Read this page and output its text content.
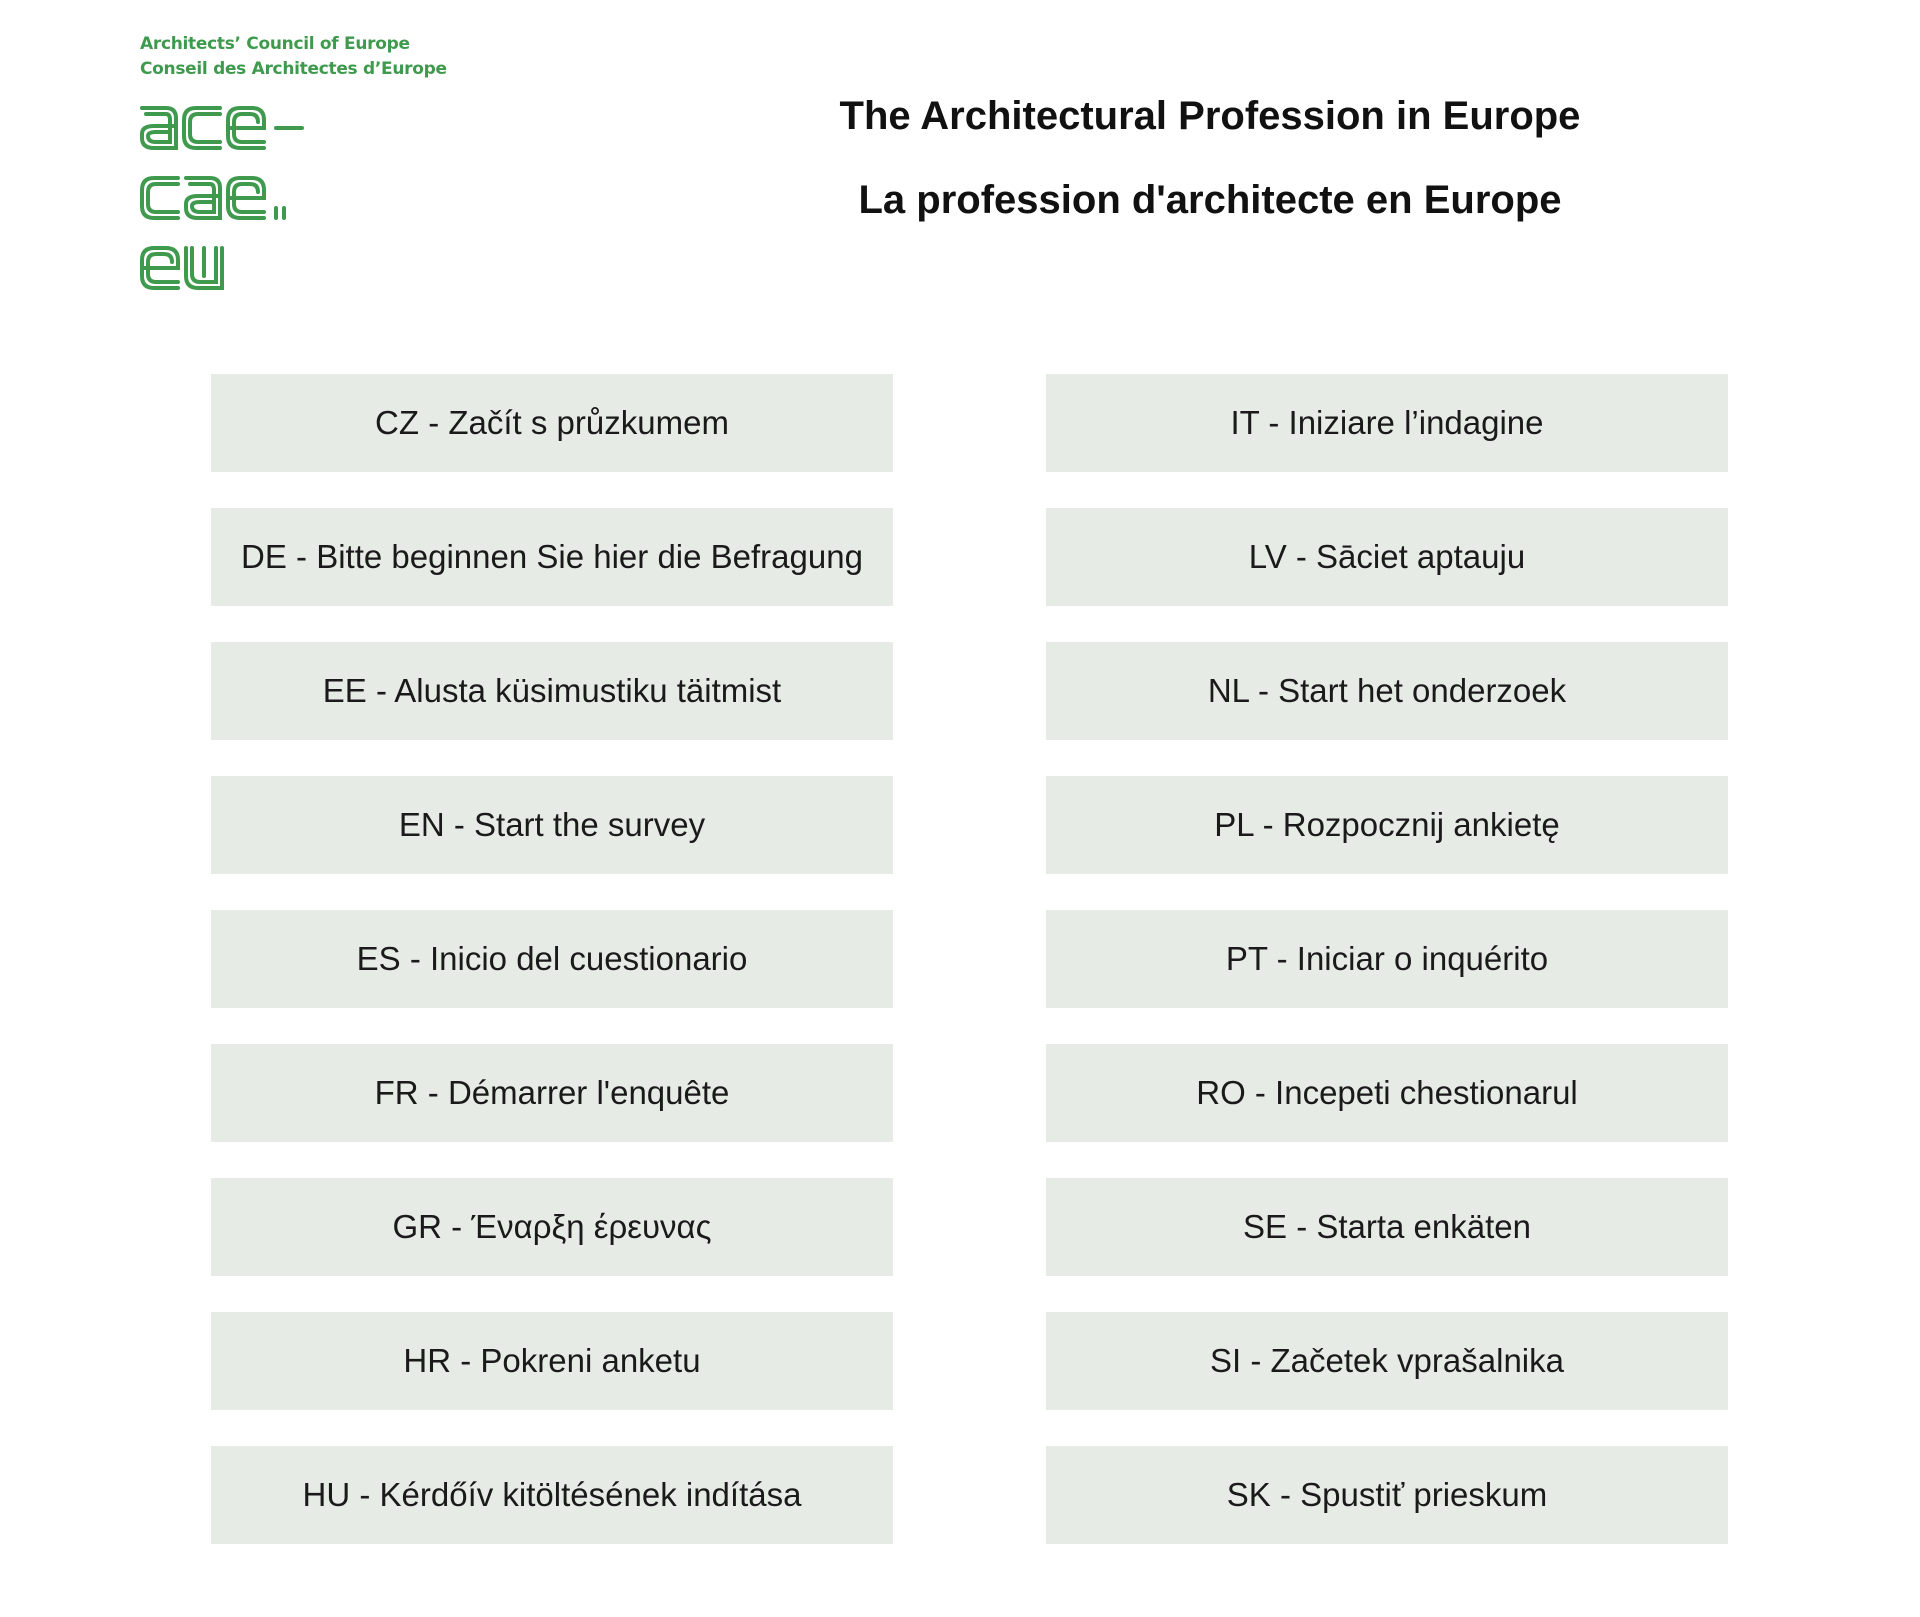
Architects’ Council of Europe
Conseil des Architectes d’Europe
The Architectural Profession in Europe
La profession d'architecte en Europe
CZ - Začít s průzkumem	IT - Iniziare l’indagine
DE - Bitte beginnen Sie hier die Befragung	LV - Sāciet aptauju
EE - Alusta küsimustiku täitmist	NL - Start het onderzoek
EN - Start the survey	PL - Rozpocznij ankietę
ES - Inicio del cuestionario	PT - Iniciar o inquérito
FR - Démarrer l'enquête	RO - Incepeti chestionarul
GR - Έναρξη έρευνας	SE - Starta enkäten
HR - Pokreni anketu	SI - Začetek vprašalnika
HU - Kérdőív kitöltésének indítása	SK - Spustiť prieskum
